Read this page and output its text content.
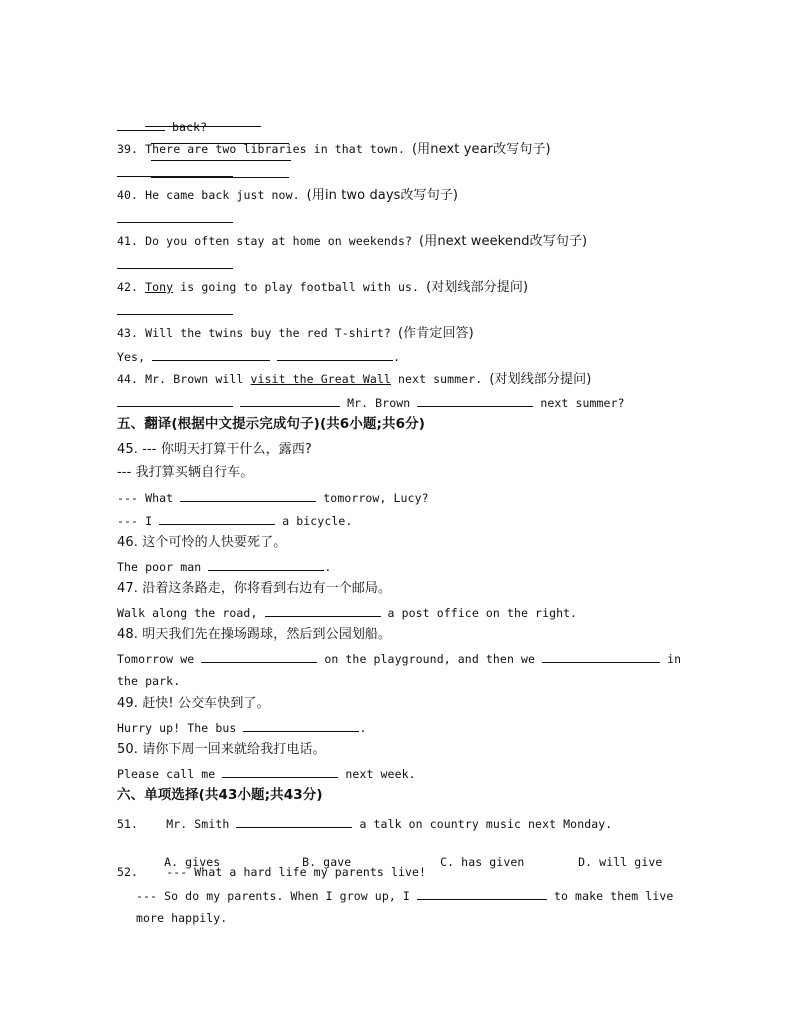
back?
39. There are two libraries in that town. (用next year改写句子)
40. He came back just now. (用in two days改写句子)
41. Do you often stay at home on weekends? (用next weekend改写句子)
42. Tony is going to play football with us. (对划线部分提问)
43. Will the twins buy the red T-shirt? (作肯定回答)
Yes,	.
44. Mr. Brown will visit the Great Wall next summer. (对划线部分提问)
Mr. Brown	next summer?
五、翻译(根据中文提示完成句子)(共6小题;共6分)
45. --- 你明天打算干什么，露西?
--- 我打算买辆自行车。
--- What	tomorrow, Lucy?
--- I	a bicycle.
46. 这个可怜的人快要死了。
The poor man	.
47. 沿着这条路走，你将看到右边有一个邮局。
Walk along the road,	a post office on the right.
48. 明天我们先在操场踢球，然后到公园划船。
Tomorrow we	on the playground, and then we	in
the park.
49. 赶快! 公交车快到了。
Hurry up! The bus	.
50. 请你下周一回来就给我打电话。
Please call me	next week.
六、单项选择(共43小题;共43分)
51. Mr. Smith	a talk on country music next Monday.

A. gives	B. gave	C. has given	D. will give

52. --- What a hard life my parents live!
--- So do my parents. When I grow up, I	to make them live
more happily.
